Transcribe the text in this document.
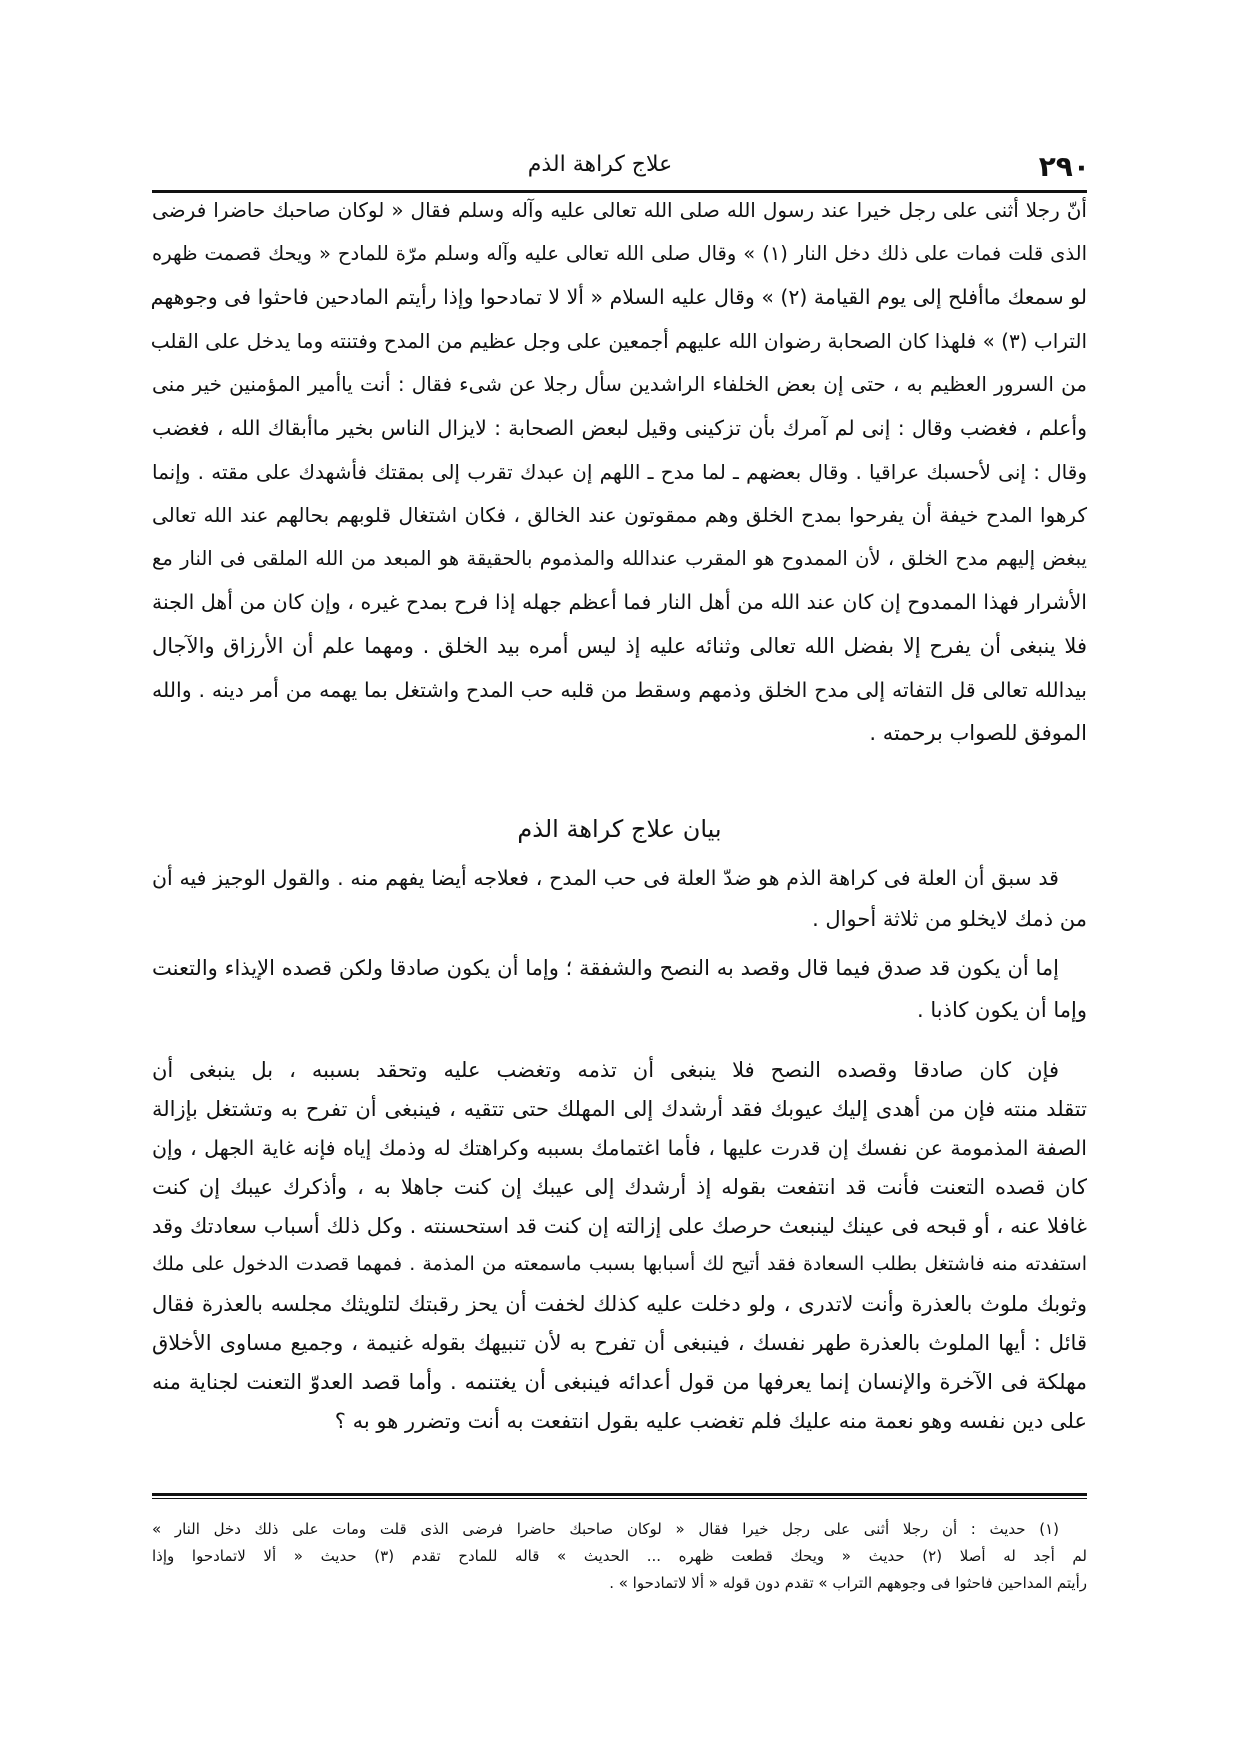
٢٩٠
علاج كراهة الذم
أنّ رجلا أثنى على رجل خيرا عند رسول الله صلى الله تعالى عليه وآله وسلم فقال « لوكان صاحبك حاضرا فرضى
الذى قلت فمات على ذلك دخل النار (١) » وقال صلى الله تعالى عليه وآله وسلم مرّة للمادح « ويحك قصمت ظهره
لو سمعك ماأفلح إلى يوم القيامة (٢) » وقال عليه السلام « ألا لا تمادحوا وإذا رأيتم المادحين فاحثوا فى وجوههم
التراب (٣) » فلهذا كان الصحابة رضوان الله عليهم أجمعين على وجل عظيم من المدح وفتنته وما يدخل على القلب
من السرور العظيم به ، حتى إن بعض الخلفاء الراشدين سأل رجلا عن شىء فقال : أنت ياأمير المؤمنين خير منى
وأعلم ، فغضب وقال : إنى لم آمرك بأن تزكينى وقيل لبعض الصحابة : لايزال الناس بخير ماأبقاك الله ، فغضب
وقال : إنى لأحسبك عراقيا . وقال بعضهم ـ لما مدح ـ اللهم إن عبدك تقرب إلى بمقتك فأشهدك على مقته . وإنما
كرهوا المدح خيفة أن يفرحوا بمدح الخلق وهم ممقوتون عند الخالق ، فكان اشتغال قلوبهم بحالهم عند الله تعالى
يبغض إليهم مدح الخلق ، لأن الممدوح هو المقرب عندالله والمذموم بالحقيقة هو المبعد من الله الملقى فى النار مع
الأشرار فهذا الممدوح إن كان عند الله من أهل النار فما أعظم جهله إذا فرح بمدح غيره ، وإن كان من أهل الجنة
فلا ينبغى أن يفرح إلا بفضل الله تعالى وثنائه عليه إذ ليس أمره بيد الخلق . ومهما علم أن الأرزاق والآجال
بيدالله تعالى قل التفاته إلى مدح الخلق وذمهم وسقط من قلبه حب المدح واشتغل بما يهمه من أمر دينه . والله
الموفق للصواب برحمته .
قد سبق أن العلة فى كراهة الذم هو ضدّ العلة فى حب المدح ، فعلاجه أيضا يفهم منه . والقول الوجيز فيه أن
من ذمك لايخلو من ثلاثة أحوال .
إما أن يكون قد صدق فيما قال وقصد به النصح والشفقة ؛ وإما أن يكون صادقا ولكن قصده الإيذاء والتعنت
وإما أن يكون كاذبا .
فإن كان صادقا وقصده النصح فلا ينبغى أن تذمه وتغضب عليه وتحقد بسببه ، بل ينبغى أن
تتقلد منته فإن من أهدى إليك عيوبك فقد أرشدك إلى المهلك حتى تتقيه ، فينبغى أن تفرح به وتشتغل بإزالة
الصفة المذمومة عن نفسك إن قدرت عليها ، فأما اغتمامك بسببه وكراهتك له وذمك إياه فإنه غاية الجهل ، وإن
كان قصده التعنت فأنت قد انتفعت بقوله إذ أرشدك إلى عيبك إن كنت جاهلا به ، وأذكرك عيبك إن كنت
غافلا عنه ، أو قبحه فى عينك لينبعث حرصك على إزالته إن كنت قد استحسنته . وكل ذلك أسباب سعادتك وقد
استفدته منه فاشتغل بطلب السعادة فقد أتيح لك أسبابها بسبب ماسمعته من المذمة . فمهما قصدت الدخول على ملك
وثوبك ملوث بالعذرة وأنت لاتدرى ، ولو دخلت عليه كذلك لخفت أن يحز رقبتك لتلويثك مجلسه بالعذرة فقال
قائل : أيها الملوث بالعذرة طهر نفسك ، فينبغى أن تفرح به لأن تنبيهك بقوله غنيمة ، وجميع مساوى الأخلاق
مهلكة فى الآخرة والإنسان إنما يعرفها من قول أعدائه فينبغى أن يغتنمه . وأما قصد العدوّ التعنت لجناية منه
على دين نفسه وهو نعمة منه عليك فلم تغضب عليه بقول انتفعت به أنت وتضرر هو به ؟
بيان علاج كراهة الذم
(١) حديث : أن رجلا أثنى على رجل خيرا فقال « لوكان صاحبك حاضرا فرضى الذى قلت ومات على ذلك دخل النار »
لم أجد له أصلا (٢) حديث « ويحك قطعت ظهره ... الحديث » قاله للمادح تقدم (٣) حديث « ألا لاتمادحوا وإذا
رأيتم المداحين فاحثوا فى وجوههم التراب » تقدم دون قوله « ألا لاتمادحوا » .
